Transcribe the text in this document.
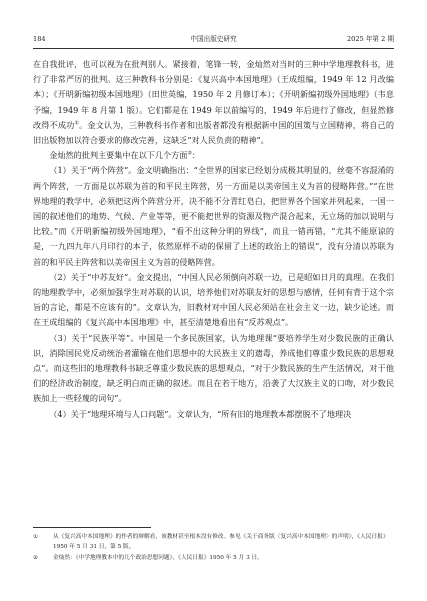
184	中国出版史研究	2025 年第 2 期

在自我批评，也可以视为在批判别人。紧接着，笔锋一转，金灿然对当时的三种中学地理教科书，进行了非常严厉的批判。这三种教科书分别是：《复兴高中本国地理》（王成组编，1949 年 12 月改编本）；《开明新编初级本国地理》（田世英编，1950 年 2 月修订本）；《开明新编初级外国地理》（韦息予编，1949 年 8 月第 1 版）。它们都是在 1949 年以前编写的，1949 年后进行了修改，但显然修改得不成功①。金文认为，三种教科书作者和出版者都没有根据新中国的国策与立国精神，将自己的旧出版物加以符合要求的修改完善，这缺乏“对人民负责的精神”。

金灿然的批判主要集中在以下几个方面②：

（1）关于“两个阵营”。金文明确指出：“全世界的国家已经划分成极其明显的，丝毫不容混淆的两个阵营，一方面是以苏联为首的和平民主阵营，另一方面是以美帝国主义为首的侵略阵营。”“在世界地理的教学中，必须把这两个阵营分开，决不能不分青红皂白，把世界各个国家并列起来，一国一国的叙述他们的地势、气候、产业等等，更不能把世界的资源及物产混合起来，无立场的加以说明与比较。”而《开明新编初级外国地理》，“看不出这种分明的界线”，而且一错再错，“尤其不能原谅的是，一九四九年八月印行的本子，依然原样不动的保留了上述的政治上的错误”，没有分清以苏联为首的和平民主阵营和以美帝国主义为首的侵略阵营。

（2）关于“中苏友好”。金文提出，“中国人民必须倒向苏联一边，已是昭如日月的真理。在我们的地理教学中，必须加强学生对苏联的认识，培养他们对苏联友好的思想与感情，任何有背于这个宗旨的言论，都是不应该有的”。文章认为，旧教材对中国人民必须站在社会主义一边，缺少论述。而在王成组编的《复兴高中本国地理》中，甚至清楚地看出有“反苏观点”。

（3）关于“民族平等”。中国是一个多民族国家，认为地理课“要培养学生对少数民族的正确认识，消除国民党反动统治者灌输在他们思想中的大民族主义的遗毒，养成他们尊重少数民族的思想观点”。而这些旧的地理教科书缺乏尊重少数民族的思想观点，“对于少数民族的生产生活情况，对于他们的经济政治制度，缺乏明白而正确的叙述。而且在若干地方，沿袭了大汉族主义的口吻，对少数民族加上一些轻蔑的词句”。

（4）关于“地理环境与人口问题”。文章认为，“所有旧的地理教本都摆脱不了地理决

①	从《复兴高中本国地理》的作者的辩解看，该教材甚至根本没有修改。参见《关于商务版〈复兴高中本国地理〉的声明》，《人民日报》1950 年 5 月 31 日，第 5 版。
②	金灿然：《中学地理教本中的几个政治思想问题》，《人民日报》1950 年 5 月 3 日。
